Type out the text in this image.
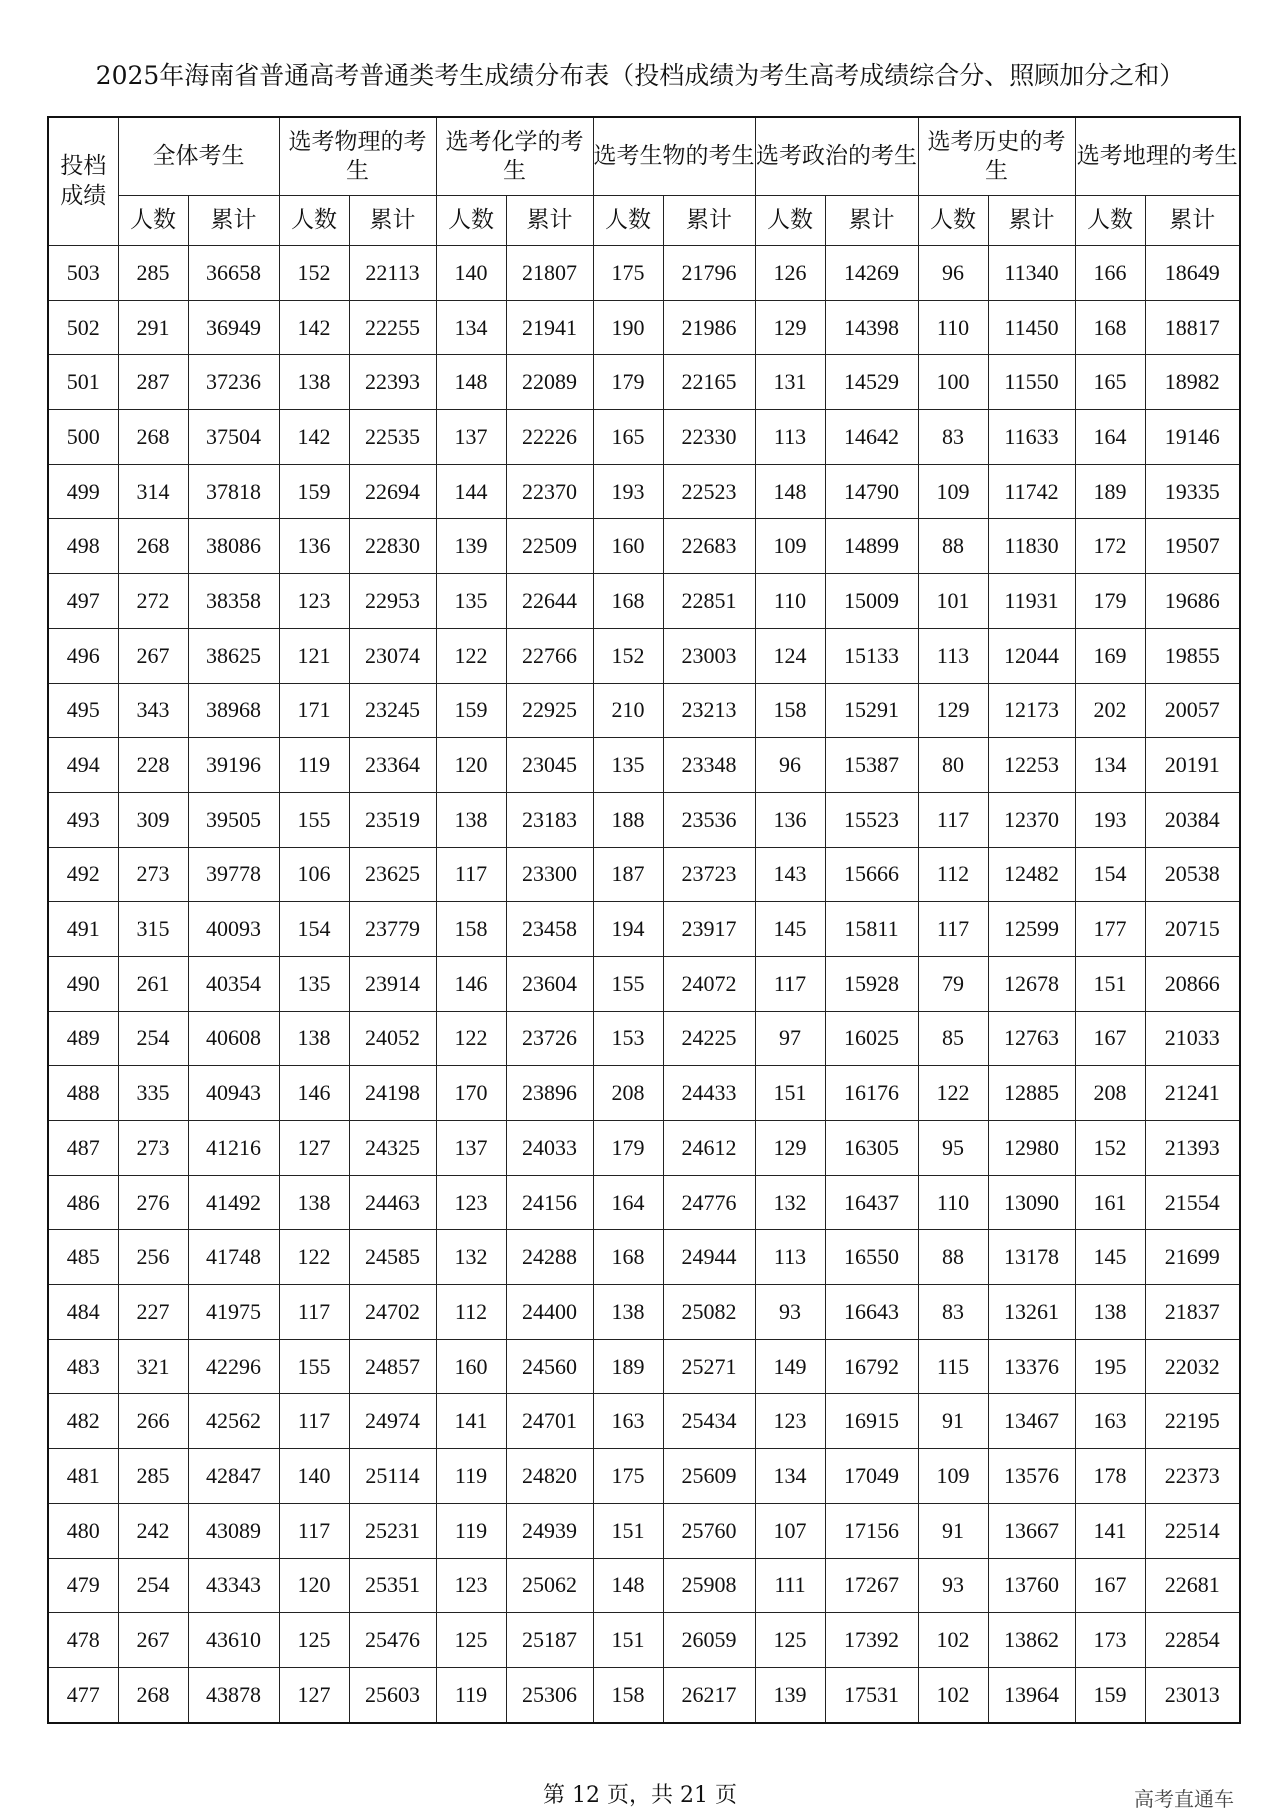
2025年海南省普通高考普通类考生成绩分布表（投档成绩为考生高考成绩综合分、照顾加分之和）
投档成绩	全体考生		选考物理的考生		选考化学的考生		选考生物的考生		选考政治的考生		选考历史的考生		选考地理的考生	
	人数	累计	人数	累计	人数	累计	人数	累计	人数	累计	人数	累计	人数	累计
503	285	36658	152	22113	140	21807	175	21796	126	14269	96	11340	166	18649
502	291	36949	142	22255	134	21941	190	21986	129	14398	110	11450	168	18817
501	287	37236	138	22393	148	22089	179	22165	131	14529	100	11550	165	18982
500	268	37504	142	22535	137	22226	165	22330	113	14642	83	11633	164	19146
499	314	37818	159	22694	144	22370	193	22523	148	14790	109	11742	189	19335
498	268	38086	136	22830	139	22509	160	22683	109	14899	88	11830	172	19507
497	272	38358	123	22953	135	22644	168	22851	110	15009	101	11931	179	19686
496	267	38625	121	23074	122	22766	152	23003	124	15133	113	12044	169	19855
495	343	38968	171	23245	159	22925	210	23213	158	15291	129	12173	202	20057
494	228	39196	119	23364	120	23045	135	23348	96	15387	80	12253	134	20191
493	309	39505	155	23519	138	23183	188	23536	136	15523	117	12370	193	20384
492	273	39778	106	23625	117	23300	187	23723	143	15666	112	12482	154	20538
491	315	40093	154	23779	158	23458	194	23917	145	15811	117	12599	177	20715
490	261	40354	135	23914	146	23604	155	24072	117	15928	79	12678	151	20866
489	254	40608	138	24052	122	23726	153	24225	97	16025	85	12763	167	21033
488	335	40943	146	24198	170	23896	208	24433	151	16176	122	12885	208	21241
487	273	41216	127	24325	137	24033	179	24612	129	16305	95	12980	152	21393
486	276	41492	138	24463	123	24156	164	24776	132	16437	110	13090	161	21554
485	256	41748	122	24585	132	24288	168	24944	113	16550	88	13178	145	21699
484	227	41975	117	24702	112	24400	138	25082	93	16643	83	13261	138	21837
483	321	42296	155	24857	160	24560	189	25271	149	16792	115	13376	195	22032
482	266	42562	117	24974	141	24701	163	25434	123	16915	91	13467	163	22195
481	285	42847	140	25114	119	24820	175	25609	134	17049	109	13576	178	22373
480	242	43089	117	25231	119	24939	151	25760	107	17156	91	13667	141	22514
479	254	43343	120	25351	123	25062	148	25908	111	17267	93	13760	167	22681
478	267	43610	125	25476	125	25187	151	26059	125	17392	102	13862	173	22854
477	268	43878	127	25603	119	25306	158	26217	139	17531	102	13964	159	23013
第 12 页，共 21 页	高考直通车
